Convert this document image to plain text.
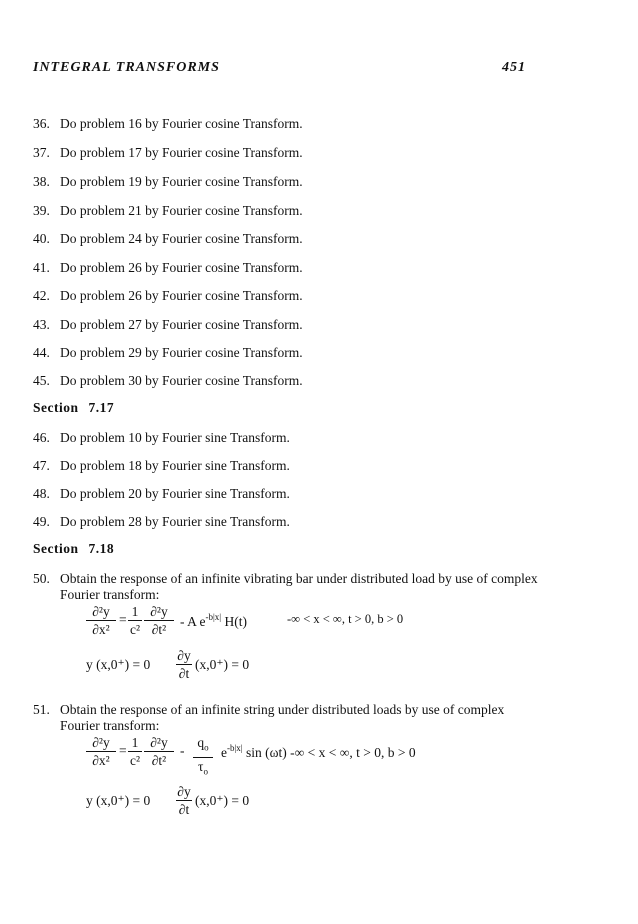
INTEGRAL TRANSFORMS	451
36. Do problem 16 by Fourier cosine Transform.
37. Do problem 17 by Fourier cosine Transform.
38. Do problem 19 by Fourier cosine Transform.
39. Do problem 21 by Fourier cosine Transform.
40. Do problem 24 by Fourier cosine Transform.
41. Do problem 26 by Fourier cosine Transform.
42. Do problem 26 by Fourier cosine Transform.
43. Do problem 27 by Fourier cosine Transform.
44. Do problem 29 by Fourier cosine Transform.
45. Do problem 30 by Fourier cosine Transform.
Section 7.17
46. Do problem 10 by Fourier sine Transform.
47. Do problem 18 by Fourier sine Transform.
48. Do problem 20 by Fourier sine Transform.
49. Do problem 28 by Fourier sine Transform.
Section 7.18
50. Obtain the response of an infinite vibrating bar under distributed load by use of complex Fourier transform:
∂²y
∂x²
=
1
c²
∂²y
∂t²
- A $e^{-b|x|}$ H(t)	-∞ < x < ∞, t > 0, b > 0
y (x,0⁺) = 0
∂y
∂t
(x,0⁺) = 0
51. Obtain the response of an infinite string under distributed loads by use of complex Fourier transform:
∂²y
∂x²
=
1
c²
∂²y
∂t²
-
$q_o$
$\tau_o$
$e^{-b|x|}$ sin (ωt) -∞ < x < ∞, t > 0, b > 0
y (x,0⁺) = 0
∂y
∂t
(x,0⁺) = 0
